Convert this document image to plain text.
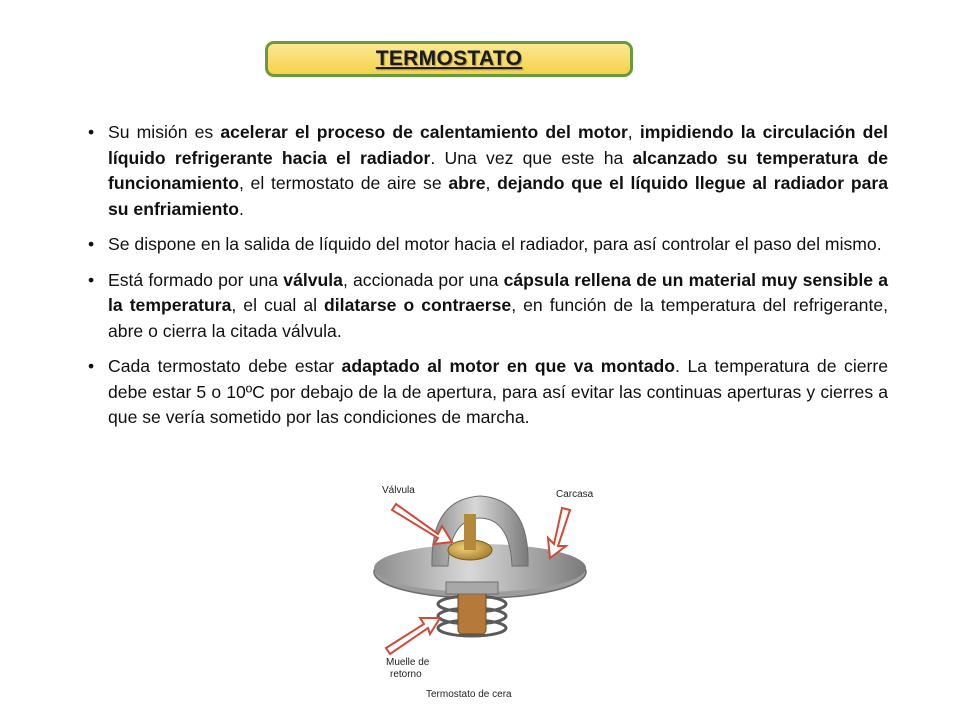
TERMOSTATO
• Su misión es acelerar el proceso de calentamiento del motor, impidiendo la circulación del líquido refrigerante hacia el radiador. Una vez que este ha alcanzado su temperatura de funcionamiento, el termostato de aire se abre, dejando que el líquido llegue al radiador para su enfriamiento.
• Se dispone en la salida de líquido del motor hacia el radiador, para así controlar el paso del mismo.
• Está formado por una válvula, accionada por una cápsula rellena de un material muy sensible a la temperatura, el cual al dilatarse o contraerse, en función de la temperatura del refrigerante, abre o cierra la citada válvula.
• Cada termostato debe estar adaptado al motor en que va montado. La temperatura de cierre debe estar 5 o 10ºC por debajo de la de apertura, para así evitar las continuas aperturas y cierres a que se vería sometido por las condiciones de marcha.
Válvula	Carcasa
Muelle de
retorno
Termostato de cera
